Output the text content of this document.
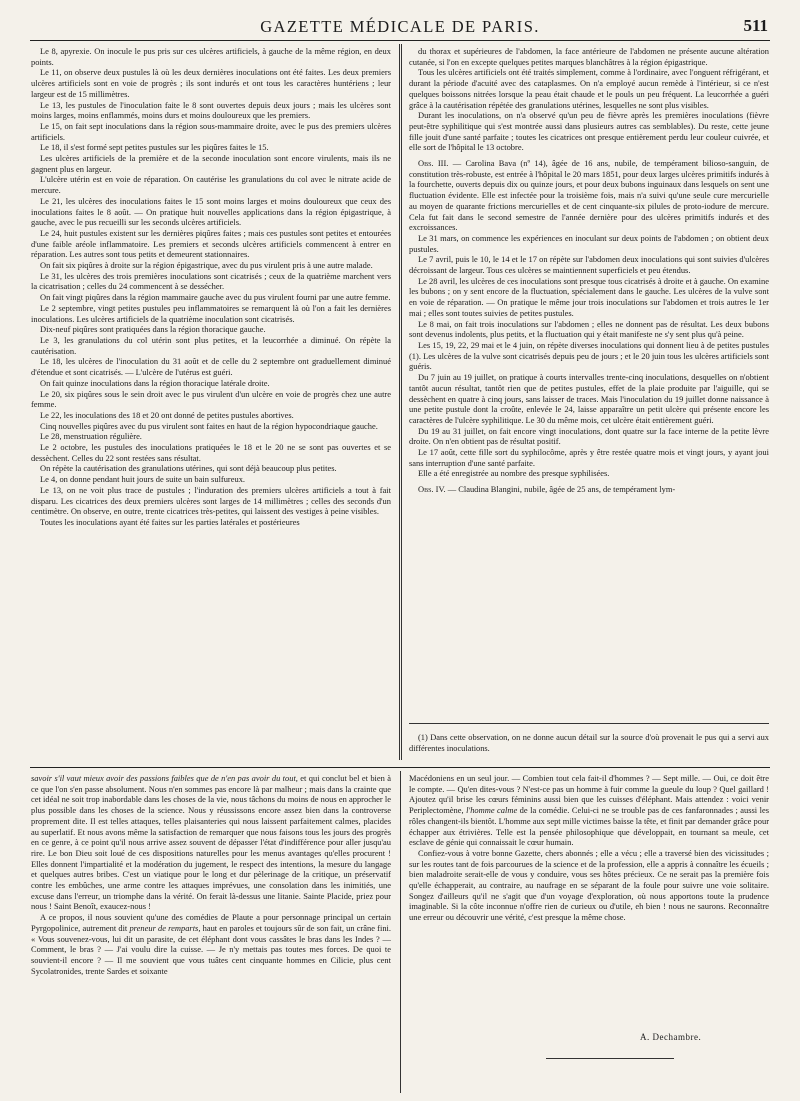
GAZETTE MÉDICALE DE PARIS.	511

Le 8, apyrexie. On inocule le pus pris sur ces ulcères artificiels, à gauche de la même région, en deux points.

Le 11, on observe deux pustules là où les deux dernières inoculations ont été faites. Les deux premiers ulcères artificiels sont en voie de progrès ; ils sont indurés et ont tous les caractères huntériens ; leur largeur est de 15 millimètres.

Le 13, les pustules de l'inoculation faite le 8 sont ouvertes depuis deux jours ; mais les ulcères sont moins larges, moins enflammés, moins durs et moins douloureux que les premiers.

Le 15, on fait sept inoculations dans la région sous-mammaire droite, avec le pus des premiers ulcères artificiels.

Le 18, il s'est formé sept petites pustules sur les piqûres faites le 15.

Les ulcères artificiels de la première et de la seconde inoculation sont encore virulents, mais ils ne gagnent plus en largeur.

L'ulcère utérin est en voie de réparation. On cautérise les granulations du col avec le nitrate acide de mercure.

Le 21, les ulcères des inoculations faites le 15 sont moins larges et moins douloureux que ceux des inoculations faites le 8 août. — On pratique huit nouvelles applications dans la région épigastrique, à gauche, avec le pus recueilli sur les seconds ulcères artificiels.

Le 24, huit pustules existent sur les dernières piqûres faites ; mais ces pustules sont petites et entourées d'une faible aréole inflammatoire. Les premiers et seconds ulcères artificiels commencent à entrer en réparation. Les autres sont tous petits et demeurent stationnaires.

On fait six piqûres à droite sur la région épigastrique, avec du pus virulent pris à une autre malade.

Le 31, les ulcères des trois premières inoculations sont cicatrisés ; ceux de la quatrième marchent vers la cicatrisation ; celles du 24 commencent à se dessécher.

On fait vingt piqûres dans la région mammaire gauche avec du pus virulent fourni par une autre femme.

Le 2 septembre, vingt petites pustules peu inflammatoires se remarquent là où l'on a fait les dernières inoculations. Les ulcères artificiels de la quatrième inoculation sont cicatrisés.

Dix-neuf piqûres sont pratiquées dans la région thoracique gauche.

Le 3, les granulations du col utérin sont plus petites, et la leucorrhée a diminué. On répète la cautérisation.

Le 18, les ulcères de l'inoculation du 31 août et de celle du 2 septembre ont graduellement diminué d'étendue et sont cicatrisés. — L'ulcère de l'utérus est guéri.

On fait quinze inoculations dans la région thoracique latérale droite.

Le 20, six piqûres sous le sein droit avec le pus virulent d'un ulcère en voie de progrès chez une autre femme.

Le 22, les inoculations des 18 et 20 ont donné de petites pustules abortives.

Cinq nouvelles piqûres avec du pus virulent sont faites en haut de la région hypocondriaque gauche.

Le 28, menstruation régulière.

Le 2 octobre, les pustules des inoculations pratiquées le 18 et le 20 ne se sont pas ouvertes et se dessèchent. Celles du 22 sont restées sans résultat.

On répète la cautérisation des granulations utérines, qui sont déjà beaucoup plus petites.

Le 4, on donne pendant huit jours de suite un bain sulfureux.

Le 13, on ne voit plus trace de pustules ; l'induration des premiers ulcères artificiels a tout à fait disparu. Les cicatrices des deux premiers ulcères sont larges de 14 millimètres ; celles des seconds d'un centimètre. On observe, en outre, trente cicatrices très-petites, qui laissent des vestiges à peine visibles.

Toutes les inoculations ayant été faites sur les parties latérales et postérieures

du thorax et supérieures de l'abdomen, la face antérieure de l'abdomen ne présente aucune altération cutanée, si l'on en excepte quelques petites marques blanchâtres à la région épigastrique.

Tous les ulcères artificiels ont été traités simplement, comme à l'ordinaire, avec l'onguent réfrigérant, et durant la période d'acuité avec des cataplasmes. On n'a employé aucun remède à l'intérieur, si ce n'est quelques boissons nitrées lorsque la peau était chaude et le pouls un peu fréquent. La leucorrhée a guéri grâce à la cautérisation répétée des granulations utérines, lesquelles ne sont plus visibles.

Durant les inoculations, on n'a observé qu'un peu de fièvre après les premières inoculations (fièvre peut-être syphilitique qui s'est montrée aussi dans plusieurs autres cas semblables). Du reste, cette jeune fille jouit d'une santé parfaite ; toutes les cicatrices ont presque entièrement perdu leur couleur cuivrée, et elle sort de l'hôpital le 13 octobre.

Obs. III. — Carolina Bava (nº 14), âgée de 16 ans, nubile, de tempérament bilioso-sanguin, de constitution très-robuste, est entrée à l'hôpital le 20 mars 1851, pour deux larges ulcères primitifs indurés à la fourchette, ouverts depuis dix ou quinze jours, et pour deux bubons inguinaux dans lesquels on sent une fluctuation évidente. Elle est infectée pour la troisième fois, mais n'a suivi qu'une seule cure mercurielle au moyen de quarante frictions mercurielles et de cent cinquante-six pilules de proto-iodure de mercure. Cela fut fait dans le second semestre de l'année dernière pour des ulcères primitifs indurés et des excroissances.

Le 31 mars, on commence les expériences en inoculant sur deux points de l'abdomen ; on obtient deux pustules.

Le 7 avril, puis le 10, le 14 et le 17 on répète sur l'abdomen deux inoculations qui sont suivies d'ulcères décroissant de largeur. Tous ces ulcères se maintiennent superficiels et peu étendus.

Le 28 avril, les ulcères de ces inoculations sont presque tous cicatrisés à droite et à gauche. On examine les bubons ; on y sent encore de la fluctuation, spécialement dans le gauche. Les ulcères de la vulve sont en voie de réparation. — On pratique le même jour trois inoculations sur l'abdomen et trois autres le 1er mai ; elles sont toutes suivies de petites pustules.

Le 8 mai, on fait trois inoculations sur l'abdomen ; elles ne donnent pas de résultat. Les deux bubons sont devenus indolents, plus petits, et la fluctuation qui y était manifeste ne s'y sent plus qu'à peine.

Les 15, 19, 22, 29 mai et le 4 juin, on répète diverses inoculations qui donnent lieu à de petites pustules (1). Les ulcères de la vulve sont cicatrisés depuis peu de jours ; et le 20 juin tous les ulcères artificiels sont guéris.

Du 7 juin au 19 juillet, on pratique à courts intervalles trente-cinq inoculations, desquelles on n'obtient tantôt aucun résultat, tantôt rien que de petites pustules, effet de la plaie produite par l'aiguille, qui se dessèchent en quatre à cinq jours, sans laisser de traces. Mais l'inoculation du 19 juillet donne naissance à une petite pustule dont la croûte, enlevée le 24, laisse apparaître un petit ulcère qui présente encore les caractères de l'ulcère syphilitique. Le 30 du même mois, cet ulcère était entièrement guéri.

Du 19 au 31 juillet, on fait encore vingt inoculations, dont quatre sur la face interne de la petite lèvre droite. On n'en obtient pas de résultat positif.

Le 17 août, cette fille sort du syphilocôme, après y être restée quatre mois et vingt jours, y ayant joui sans interruption d'une santé parfaite.

Elle a été enregistrée au nombre des presque syphilisées.

Obs. IV. — Claudina Blangini, nubile, âgée de 25 ans, de tempérament lym-

(1) Dans cette observation, on ne donne aucun détail sur la source d'où provenait le pus qui a servi aux différentes inoculations.

savoir s'il vaut mieux avoir des passions faibles que de n'en pas avoir du tout, et qui conclut bel et bien à ce que l'on s'en passe absolument. Nous n'en sommes pas encore là par malheur ; mais dans la crainte que cet idéal ne soit trop inabordable dans les choses de la vie, nous tâchons du moins de nous en approcher le plus possible dans les choses de la science. Nous y réussissons encore assez bien dans la controverse proprement dite. Il est telles attaques, telles plaisanteries qui nous laissent parfaitement calmes, placides au superlatif. Et nous avons même la satisfaction de remarquer que nous faisons tous les jours des progrès en ce genre, à ce point qu'il nous arrive assez souvent de dépasser l'état d'indifférence pour aller jusqu'au rire. Le bon Dieu soit loué de ces dispositions naturelles pour les menus avantages qu'elles procurent ! Elles donnent l'impartialité et la modération du jugement, le respect des intentions, la mesure du langage et quelques autres bribes. C'est un viatique pour le long et dur pèlerinage de la critique, un préservatif contre les embûches, une arme contre les attaques imprévues, une consolation dans les inimitiés, une excuse dans l'erreur, un triomphe dans la vérité. On ferait là-dessus une litanie. Sainte Placide, priez pour nous ! Saint Benoît, exaucez-nous !

A ce propos, il nous souvient qu'une des comédies de Plaute a pour personnage principal un certain Pyrgopolinice, autrement dit preneur de remparts, haut en paroles et toujours sûr de son fait, un crâne fini. « Vous souvenez-vous, lui dit un parasite, de cet éléphant dont vous cassâtes le bras dans les Indes ? — Comment, le bras ? — J'ai voulu dire la cuisse. — Je n'y mettais pas toutes mes forces. De quoi te souvient-il encore ? — Il me souvient que vous tuâtes cent cinquante hommes en Cilicie, plus cent Sycolatronides, trente Sardes et soixante

Macédoniens en un seul jour. — Combien tout cela fait-il d'hommes ? — Sept mille. — Oui, ce doit être le compte. — Qu'en dites-vous ? N'est-ce pas un homme à fuir comme la gueule du loup ? Quel gaillard ! Ajoutez qu'il brise les cœurs féminins aussi bien que les cuisses d'éléphant. Mais attendez : voici venir Periplectomène, l'homme calme de la comédie. Celui-ci ne se trouble pas de ces fanfaronnades ; aussi les rôles changent-ils bientôt. L'homme aux sept mille victimes baisse la tête, et finit par demander grâce pour échapper aux étrivières. Telle est la pensée philosophique que développait, en tournant sa meule, cet esclave de génie qui connaissait le cœur humain.

Confiez-vous à votre bonne Gazette, chers abonnés ; elle a vécu ; elle a traversé bien des vicissitudes ; sur les routes tant de fois parcourues de la science et de la profession, elle a appris à connaître les écueils ; bien maladroite serait-elle de vous y conduire, vous ses hôtes précieux. Ce ne serait pas la première fois qu'elle échapperait, au contraire, au naufrage en se séparant de la foule pour suivre une voie solitaire. Songez d'ailleurs qu'il ne s'agit que d'un voyage d'exploration, où nous apportons toute la prudence imaginable. Si la côte inconnue n'offre rien de curieux ou d'utile, eh bien ! nous ne saurons. Reconnaître une erreur ou découvrir une vérité, c'est presque la même chose.

A. Dechambre.
